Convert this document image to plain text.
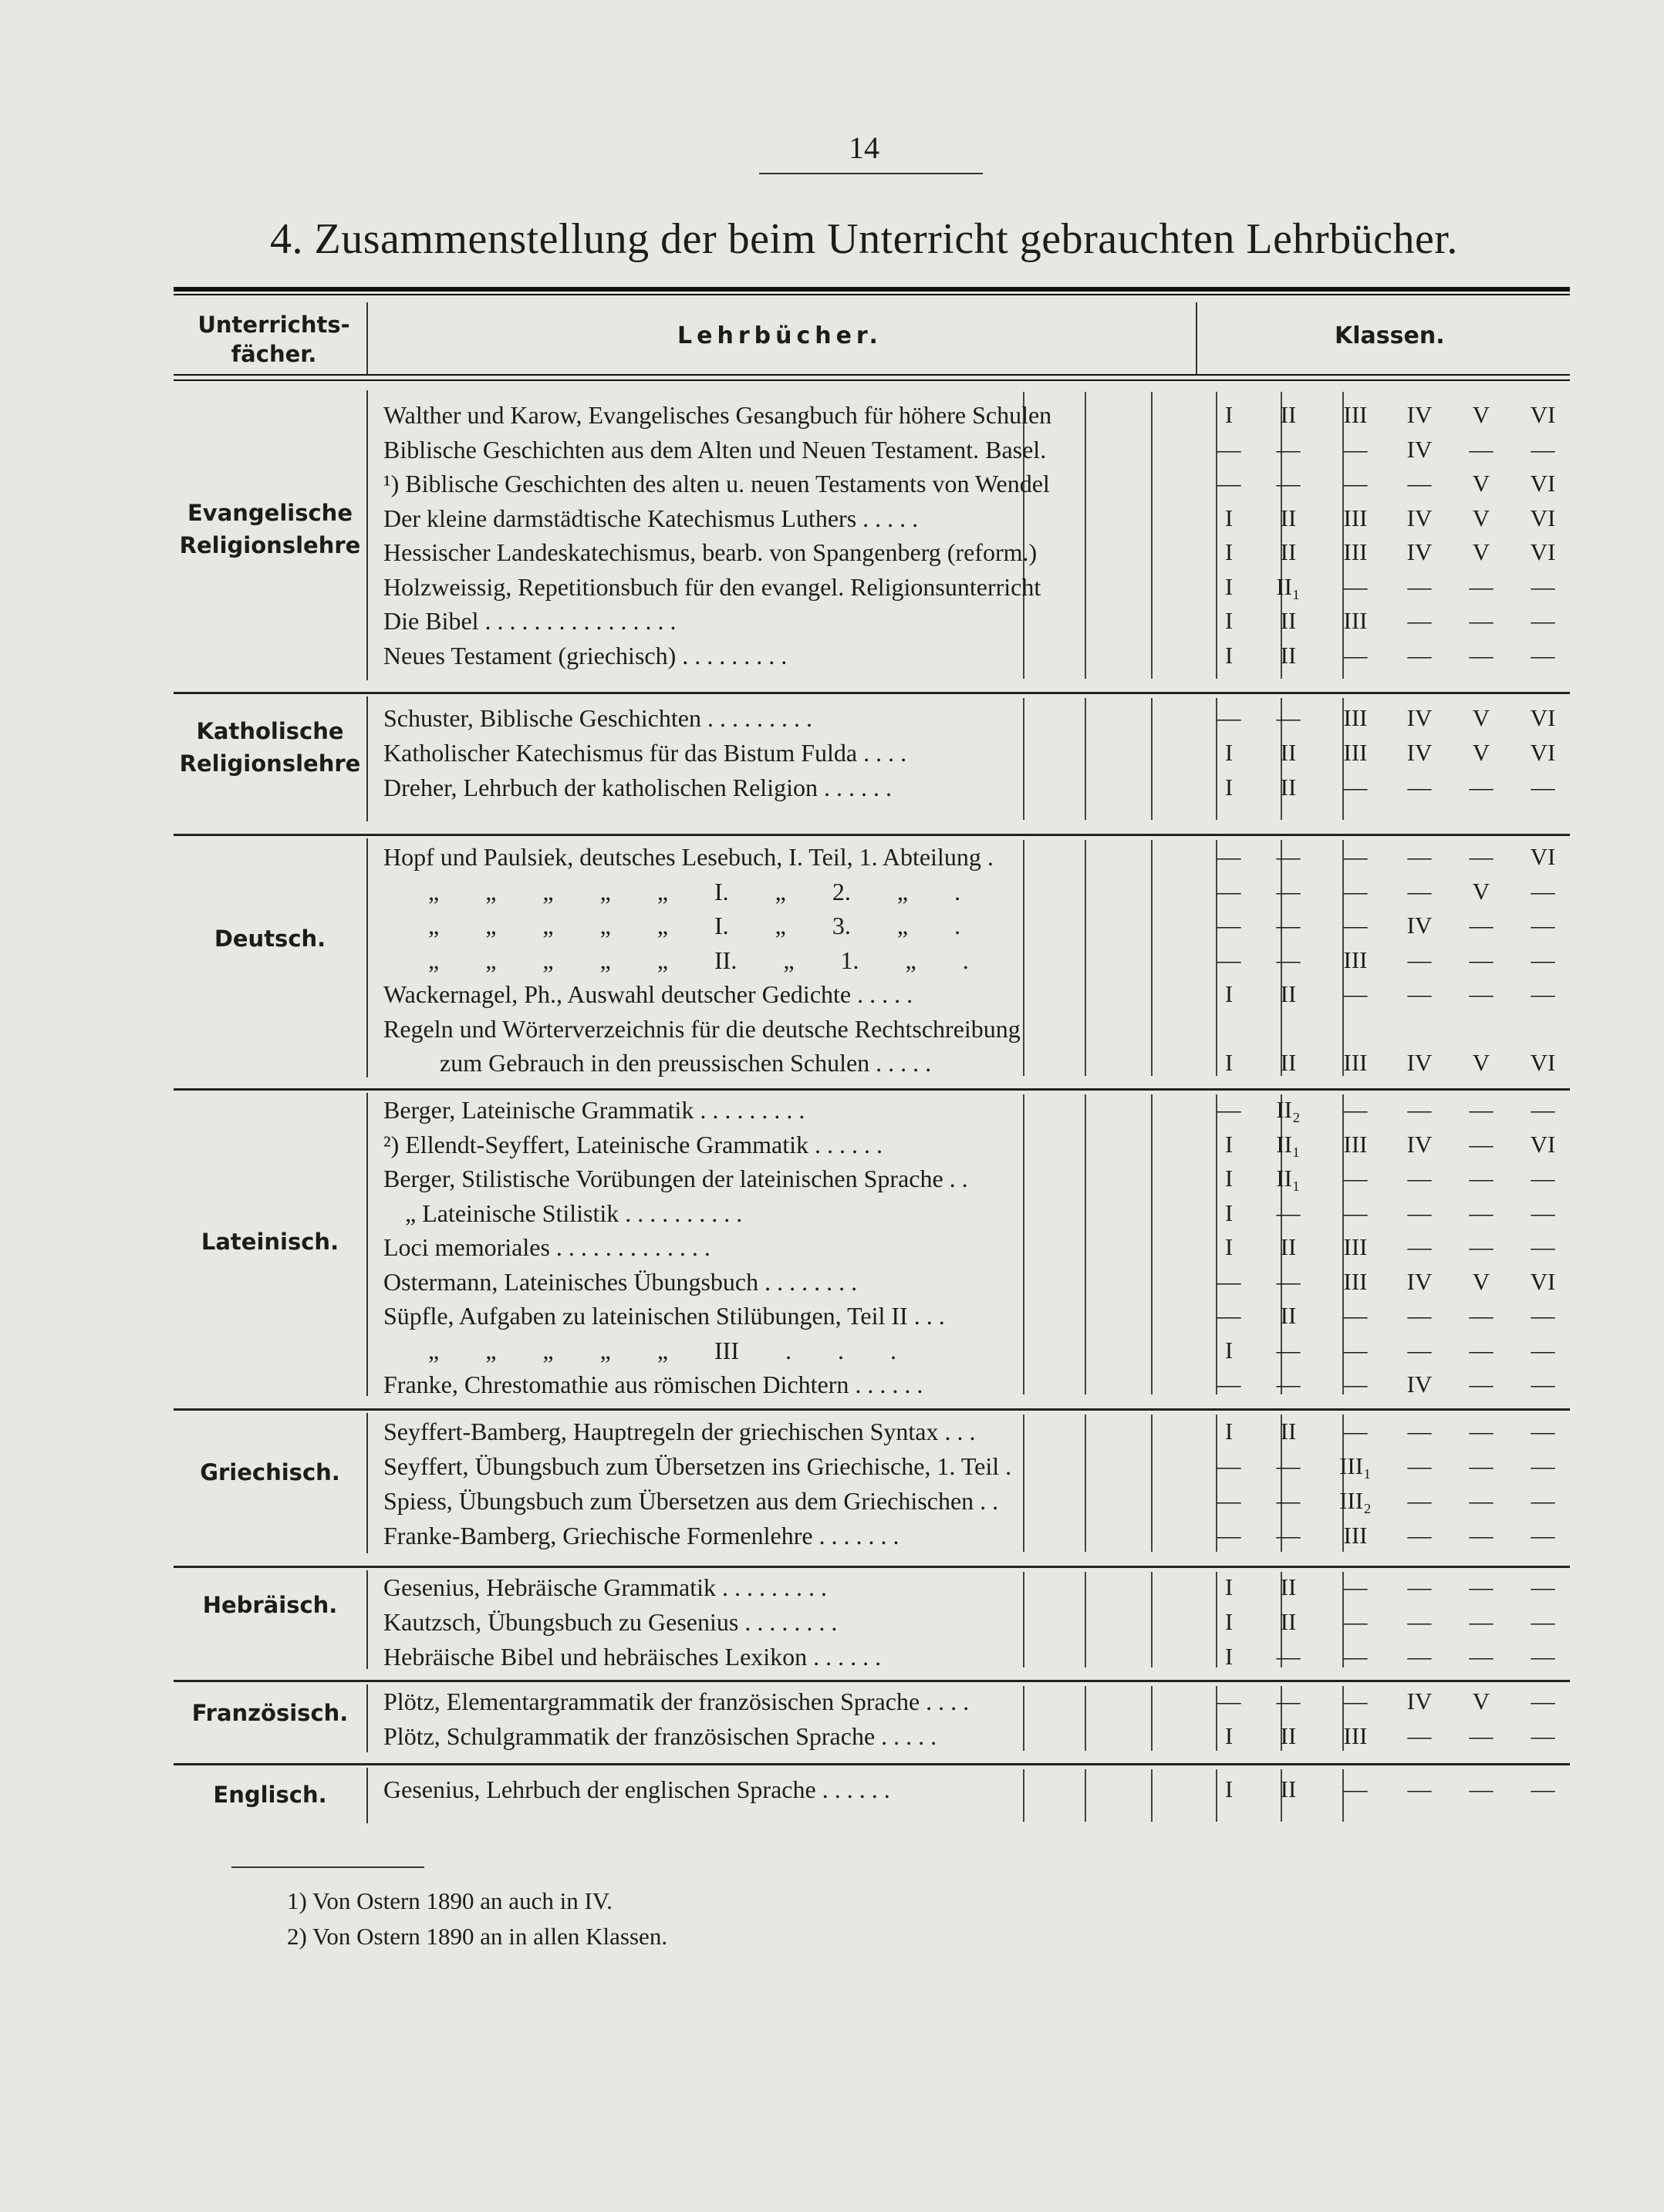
14
4. Zusammenstellung der beim Unterricht gebrauchten Lehrbücher.
Unterrichts-fächer.
Lehrbücher.	Klassen.
Evangelische
Religionslehre
Walther und Karow, Evangelisches Gesangbuch für höhere Schulen	I	II	III	IV	V	VI
Biblische Geschichten aus dem Alten und Neuen Testament. Basel.	—	—	—	IV	—	—
¹) Biblische Geschichten des alten u. neuen Testaments von Wendel	—	—	—	—	V	VI
Der kleine darmstädtische Katechismus Luthers . . . . .	I	II	III	IV	V	VI
Hessischer Landeskatechismus, bearb. von Spangenberg (reform.)	I	II	III	IV	V	VI
Holzweissig, Repetitionsbuch für den evangel. Religionsunterricht	I	II₁	—	—	—	—
Die Bibel . . . . . . . . . . . . . . . .	I	II	III	—	—	—
Neues Testament (griechisch) . . . . . . . . .	I	II	—	—	—	—
Katholische
Religionslehre
Schuster, Biblische Geschichten . . . . . . . . .	—	—	III	IV	V	VI
Katholischer Katechismus für das Bistum Fulda . . . .	I	II	III	IV	V	VI
Dreher, Lehrbuch der katholischen Religion . . . . . .	I	II	—	—	—	—
Deutsch.
Hopf und Paulsiek, deutsches Lesebuch, I. Teil, 1. Abteilung .	—	—	—	—	—	VI
„ „ „ „ „ I. „ 2. „ .	—	—	—	—	V	—
„ „ „ „ „ I. „ 3. „ .	—	—	—	IV	—	—
„ „ „ „ „ II. „ 1. „ .	—	—	III	—	—	—
Wackernagel, Ph., Auswahl deutscher Gedichte . . . . .	I	II	—	—	—	—
Regeln und Wörterverzeichnis für die deutsche Rechtschreibung
zum Gebrauch in den preussischen Schulen . . . . .	I	II	III	IV	V	VI
Lateinisch.
Berger, Lateinische Grammatik . . . . . . . . .	—	II₂	—	—	—	—
²) Ellendt-Seyffert, Lateinische Grammatik . . . . . .	I	II₁	III	IV	—	VI
Berger, Stilistische Vorübungen der lateinischen Sprache . .	I	II₁	—	—	—	—
„ Lateinische Stilistik . . . . . . . . . .	I	—	—	—	—	—
Loci memoriales . . . . . . . . . . . . .	I	II	III	—	—	—
Ostermann, Lateinisches Übungsbuch . . . . . . . .	—	—	III	IV	V	VI
Süpfle, Aufgaben zu lateinischen Stilübungen, Teil II . . .	—	II	—	—	—	—
„ „ „ „ „ III . . .	I	—	—	—	—	—
Franke, Chrestomathie aus römischen Dichtern . . . . . .	—	—	—	IV	—	—
Griechisch.
Seyffert-Bamberg, Hauptregeln der griechischen Syntax . . .	I	II	—	—	—	—
Seyffert, Übungsbuch zum Übersetzen ins Griechische, 1. Teil .	—	—	III₁	—	—	—
Spiess, Übungsbuch zum Übersetzen aus dem Griechischen . .	—	—	III₂	—	—	—
Franke-Bamberg, Griechische Formenlehre . . . . . . .	—	—	III	—	—	—
Hebräisch.
Gesenius, Hebräische Grammatik . . . . . . . . .	I	II	—	—	—	—
Kautzsch, Übungsbuch zu Gesenius . . . . . . . .	I	II	—	—	—	—
Hebräische Bibel und hebräisches Lexikon . . . . . .	I	—	—	—	—	—
Französisch.	Plötz, Elementargrammatik der französischen Sprache . . . .	—	—	—	IV	V	—
Plötz, Schulgrammatik der französischen Sprache . . . . .	I	II	III	—	—	—
Englisch.	Gesenius, Lehrbuch der englischen Sprache . . . . . .	I	II	—	—	—	—
1) Von Ostern 1890 an auch in IV.
2) Von Ostern 1890 an in allen Klassen.
